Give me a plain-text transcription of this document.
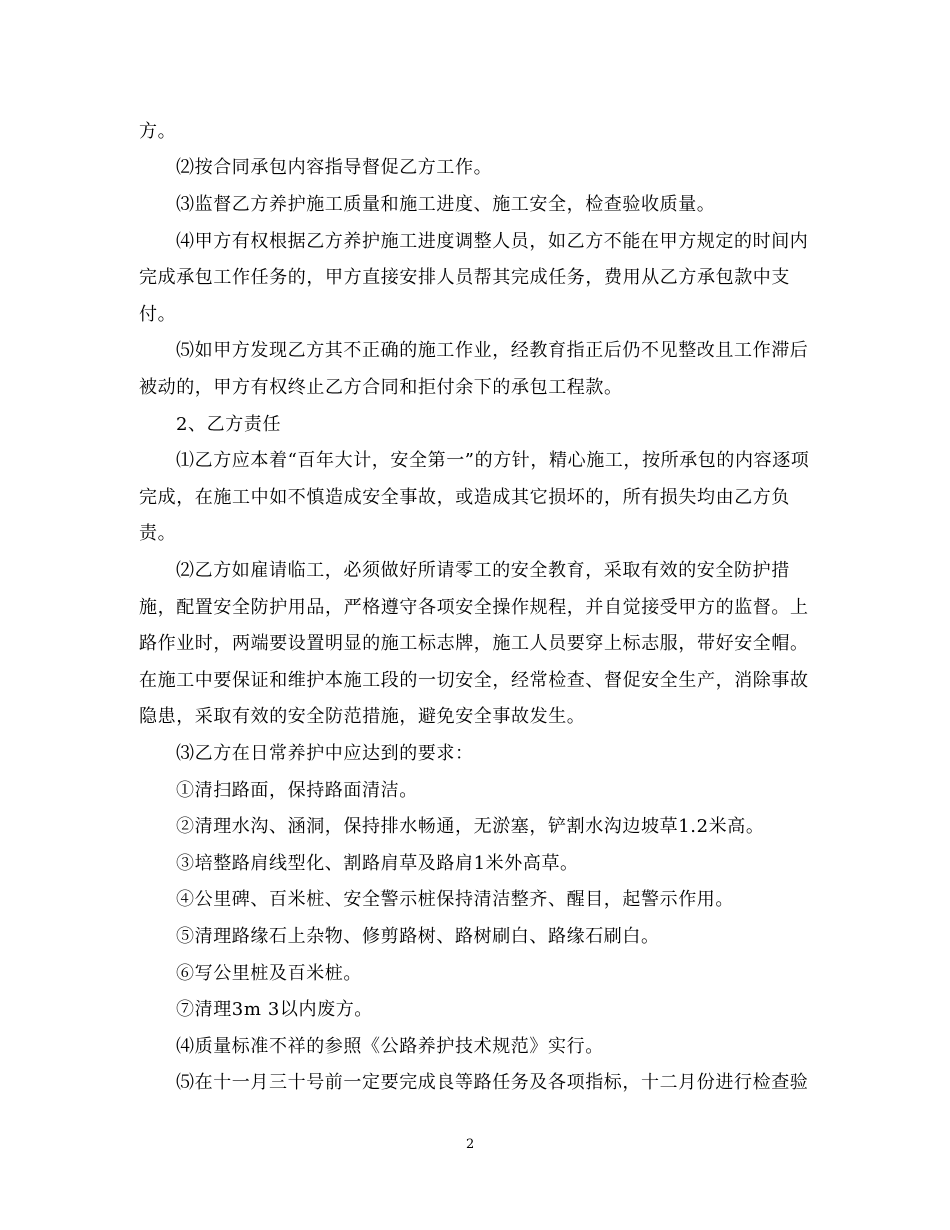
方。
⑵按合同承包内容指导督促乙方工作。
⑶监督乙方养护施工质量和施工进度、施工安全，检查验收质量。
⑷甲方有权根据乙方养护施工进度调整人员，如乙方不能在甲方规定的时间内
完成承包工作任务的，甲方直接安排人员帮其完成任务，费用从乙方承包款中支
付。
⑸如甲方发现乙方其不正确的施工作业，经教育指正后仍不见整改且工作滞后
被动的，甲方有权终止乙方合同和拒付余下的承包工程款。
2、乙方责任
⑴乙方应本着“百年大计，安全第一”的方针，精心施工，按所承包的内容逐项
完成，在施工中如不慎造成安全事故，或造成其它损坏的，所有损失均由乙方负
责。
⑵乙方如雇请临工，必须做好所请零工的安全教育，采取有效的安全防护措
施，配置安全防护用品，严格遵守各项安全操作规程，并自觉接受甲方的监督。上
路作业时，两端要设置明显的施工标志牌，施工人员要穿上标志服，带好安全帽。
在施工中要保证和维护本施工段的一切安全，经常检查、督促安全生产，消除事故
隐患，采取有效的安全防范措施，避免安全事故发生。
⑶乙方在日常养护中应达到的要求：
①清扫路面，保持路面清洁。
②清理水沟、涵洞，保持排水畅通，无淤塞，铲割水沟边坡草1.2米高。
③培整路肩线型化、割路肩草及路肩1米外高草。
④公里碑、百米桩、安全警示桩保持清洁整齐、醒目，起警示作用。
⑤清理路缘石上杂物、修剪路树、路树刷白、路缘石刷白。
⑥写公里桩及百米桩。
⑦清理3m 3以内废方。
⑷质量标准不祥的参照《公路养护技术规范》实行。
⑸在十一月三十号前一定要完成良等路任务及各项指标，十二月份进行检查验
2
